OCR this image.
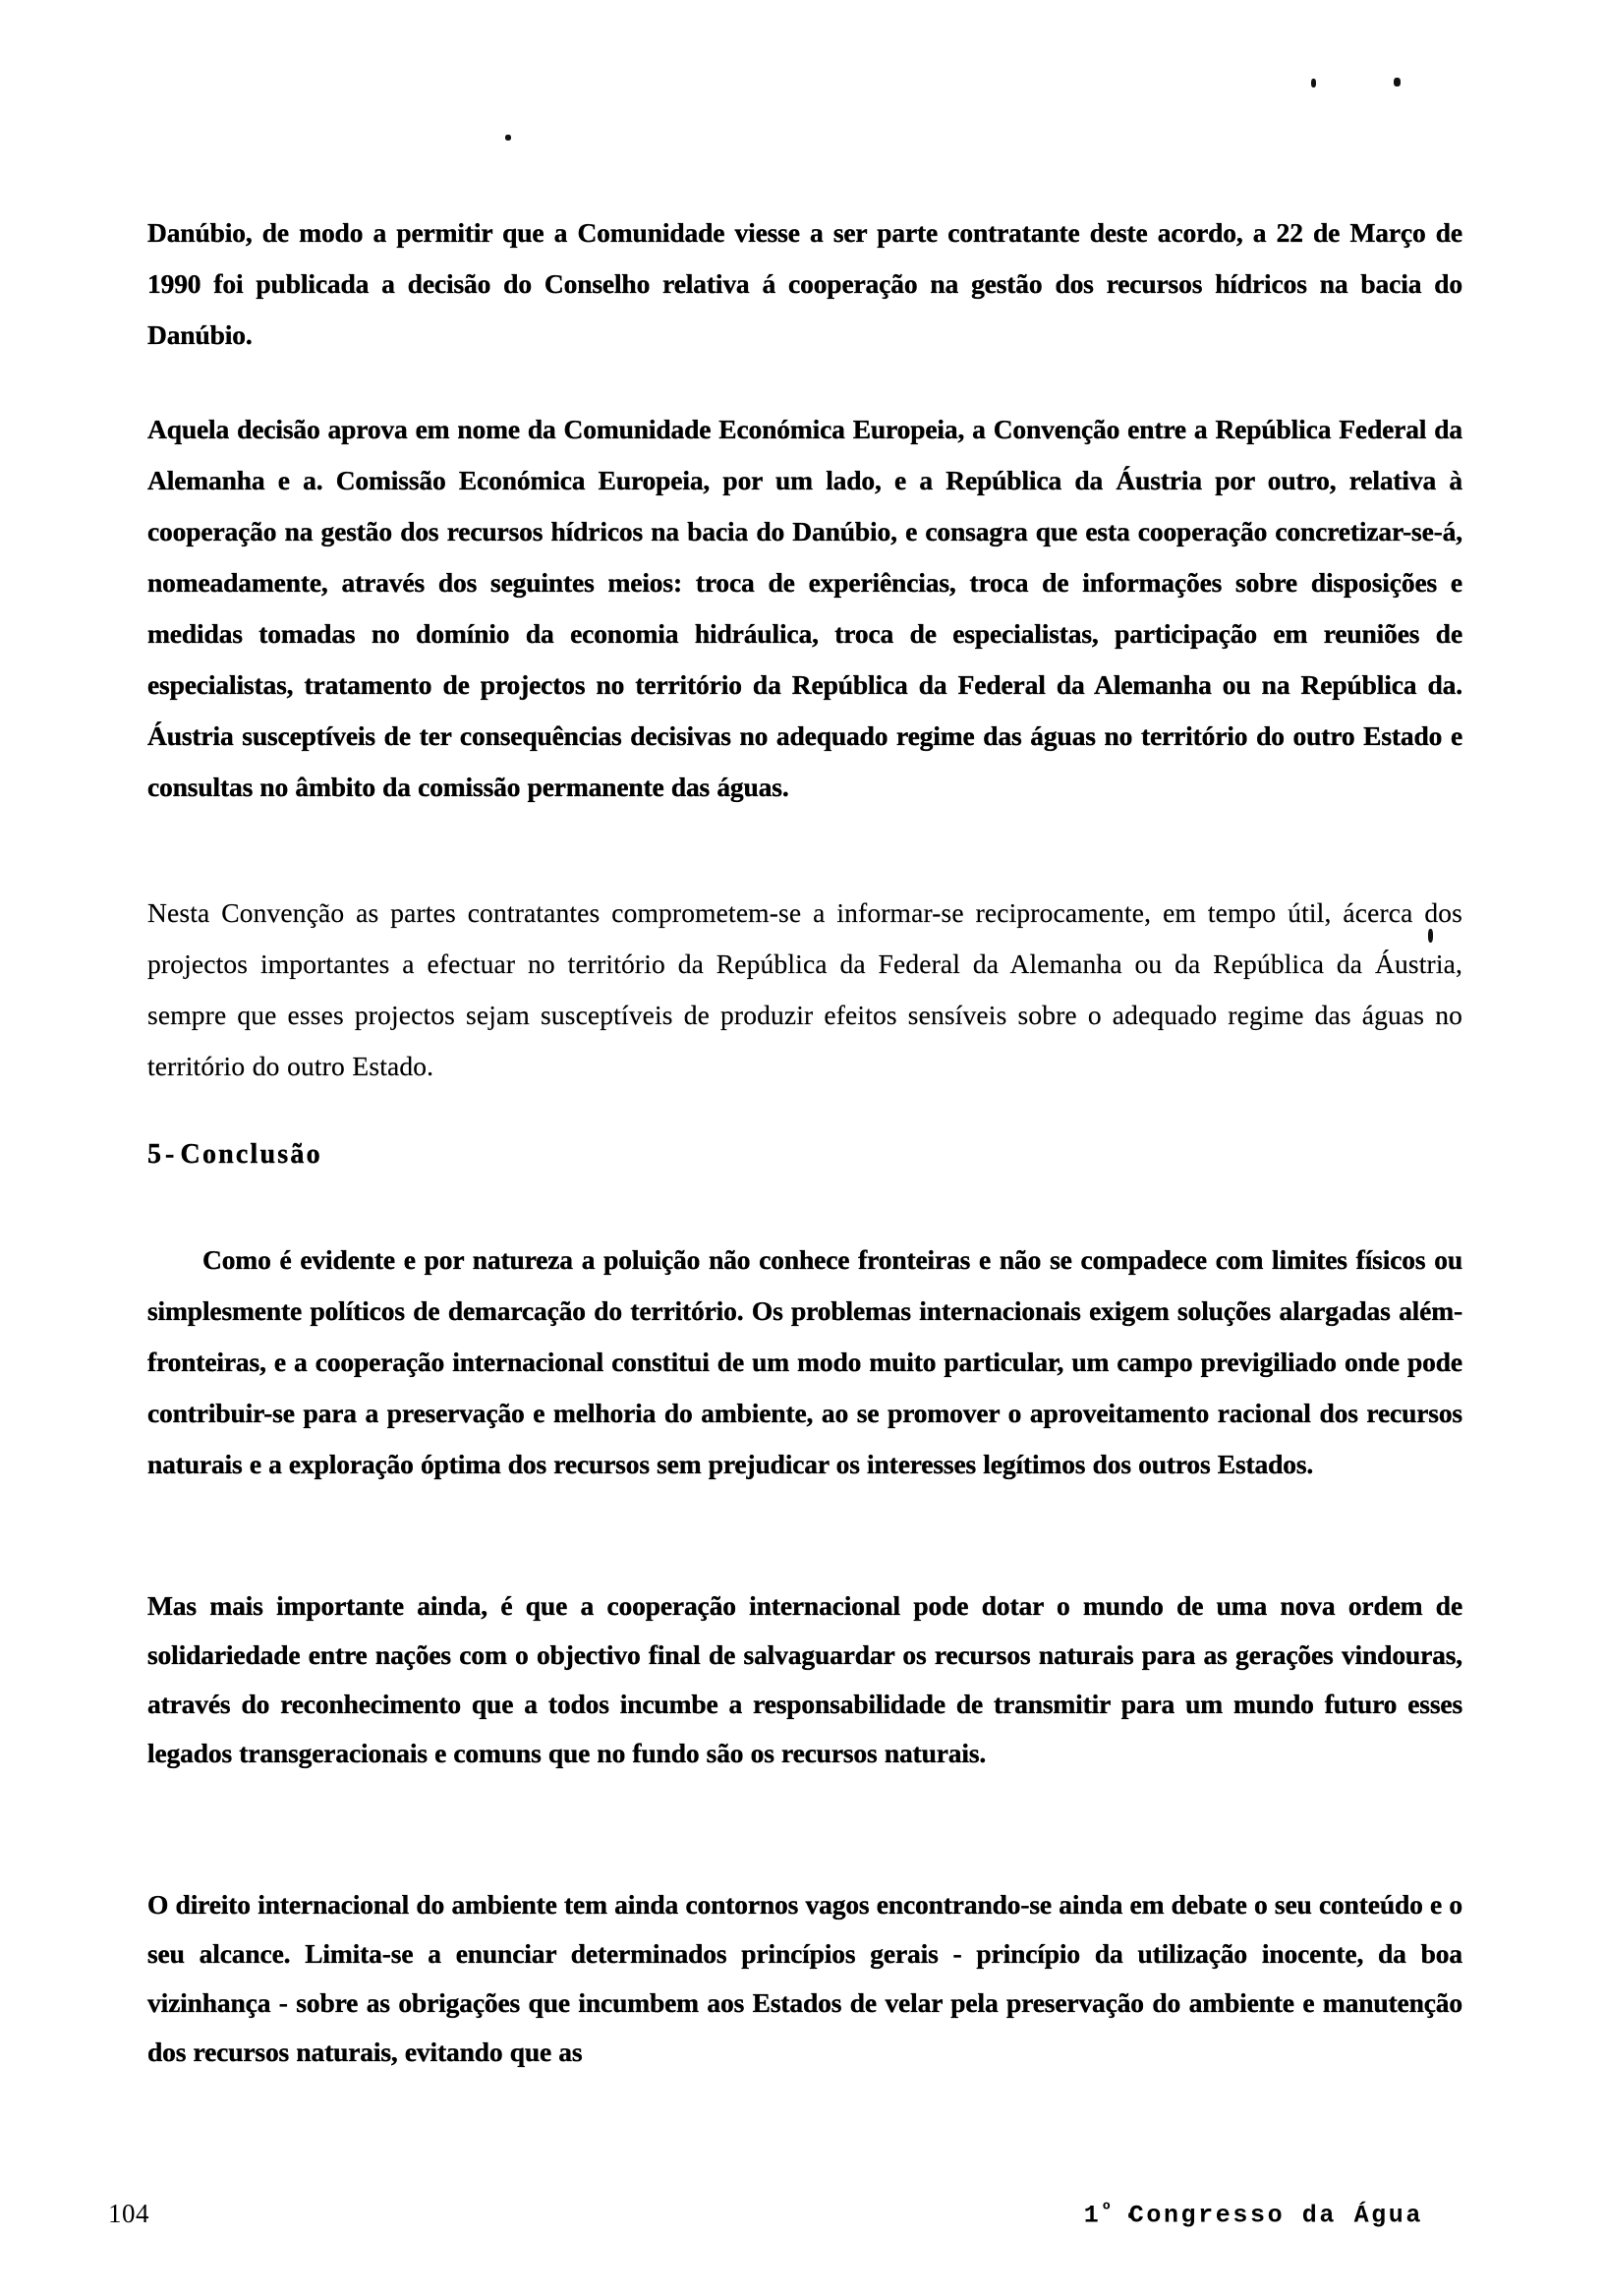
Danúbio, de modo a permitir que a Comunidade viesse a ser parte contratante deste acordo, a 22 de Março de 1990 foi publicada a decisão do Conselho relativa á cooperação na gestão dos recursos hídricos na bacia do Danúbio.

Aquela decisão aprova em nome da Comunidade Económica Europeia, a Convenção entre a República Federal da Alemanha e a. Comissão Económica Europeia, por um lado, e a República da Áustria por outro, relativa à cooperação na gestão dos recursos hídricos na bacia do Danúbio, e consagra que esta cooperação concretizar-se-á, nomeadamente, através dos seguintes meios: troca de experiências, troca de informações sobre disposições e medidas tomadas no domínio da economia hidráulica, troca de especialistas, participação em reuniões de especialistas, tratamento de projectos no território da República da Federal da Alemanha ou na República da. Áustria susceptíveis de ter consequências decisivas no adequado regime das águas no território do outro Estado e consultas no âmbito da comissão permanente das águas.

Nesta Convenção as partes contratantes comprometem-se a informar-se reciprocamente, em tempo útil, ácerca dos projectos importantes a efectuar no território da República da Federal da Alemanha ou da República da Áustria, sempre que esses projectos sejam susceptíveis de produzir efeitos sensíveis sobre o adequado regime das águas no território do outro Estado.

5 - Conclusão

Como é evidente e por natureza a poluição não conhece fronteiras e não se compadece com limites físicos ou simplesmente políticos de demarcação do território. Os problemas internacionais exigem soluções alargadas além-fronteiras, e a cooperação internacional constitui de um modo muito particular, um campo previgiliado onde pode contribuir-se para a preservação e melhoria do ambiente, ao se promover o aproveitamento racional dos recursos naturais e a exploração óptima dos recursos sem prejudicar os interesses legítimos dos outros Estados.

Mas mais importante ainda, é que a cooperação internacional pode dotar o mundo de uma nova ordem de solidariedade entre nações com o objectivo final de salvaguardar os recursos naturais para as gerações vindouras, através do reconhecimento que a todos incumbe a responsabilidade de transmitir para um mundo futuro esses legados transgeracionais e comuns que no fundo são os recursos naturais.

O direito internacional do ambiente tem ainda contornos vagos encontrando-se ainda em debate o seu conteúdo e o seu alcance. Limita-se a enunciar determinados princípios gerais - princípio da utilização inocente, da boa vizinhança - sobre as obrigações que incumbem aos Estados de velar pela preservação do ambiente e manutenção dos recursos naturais, evitando que as

104	$1^º$ Congresso da Água
